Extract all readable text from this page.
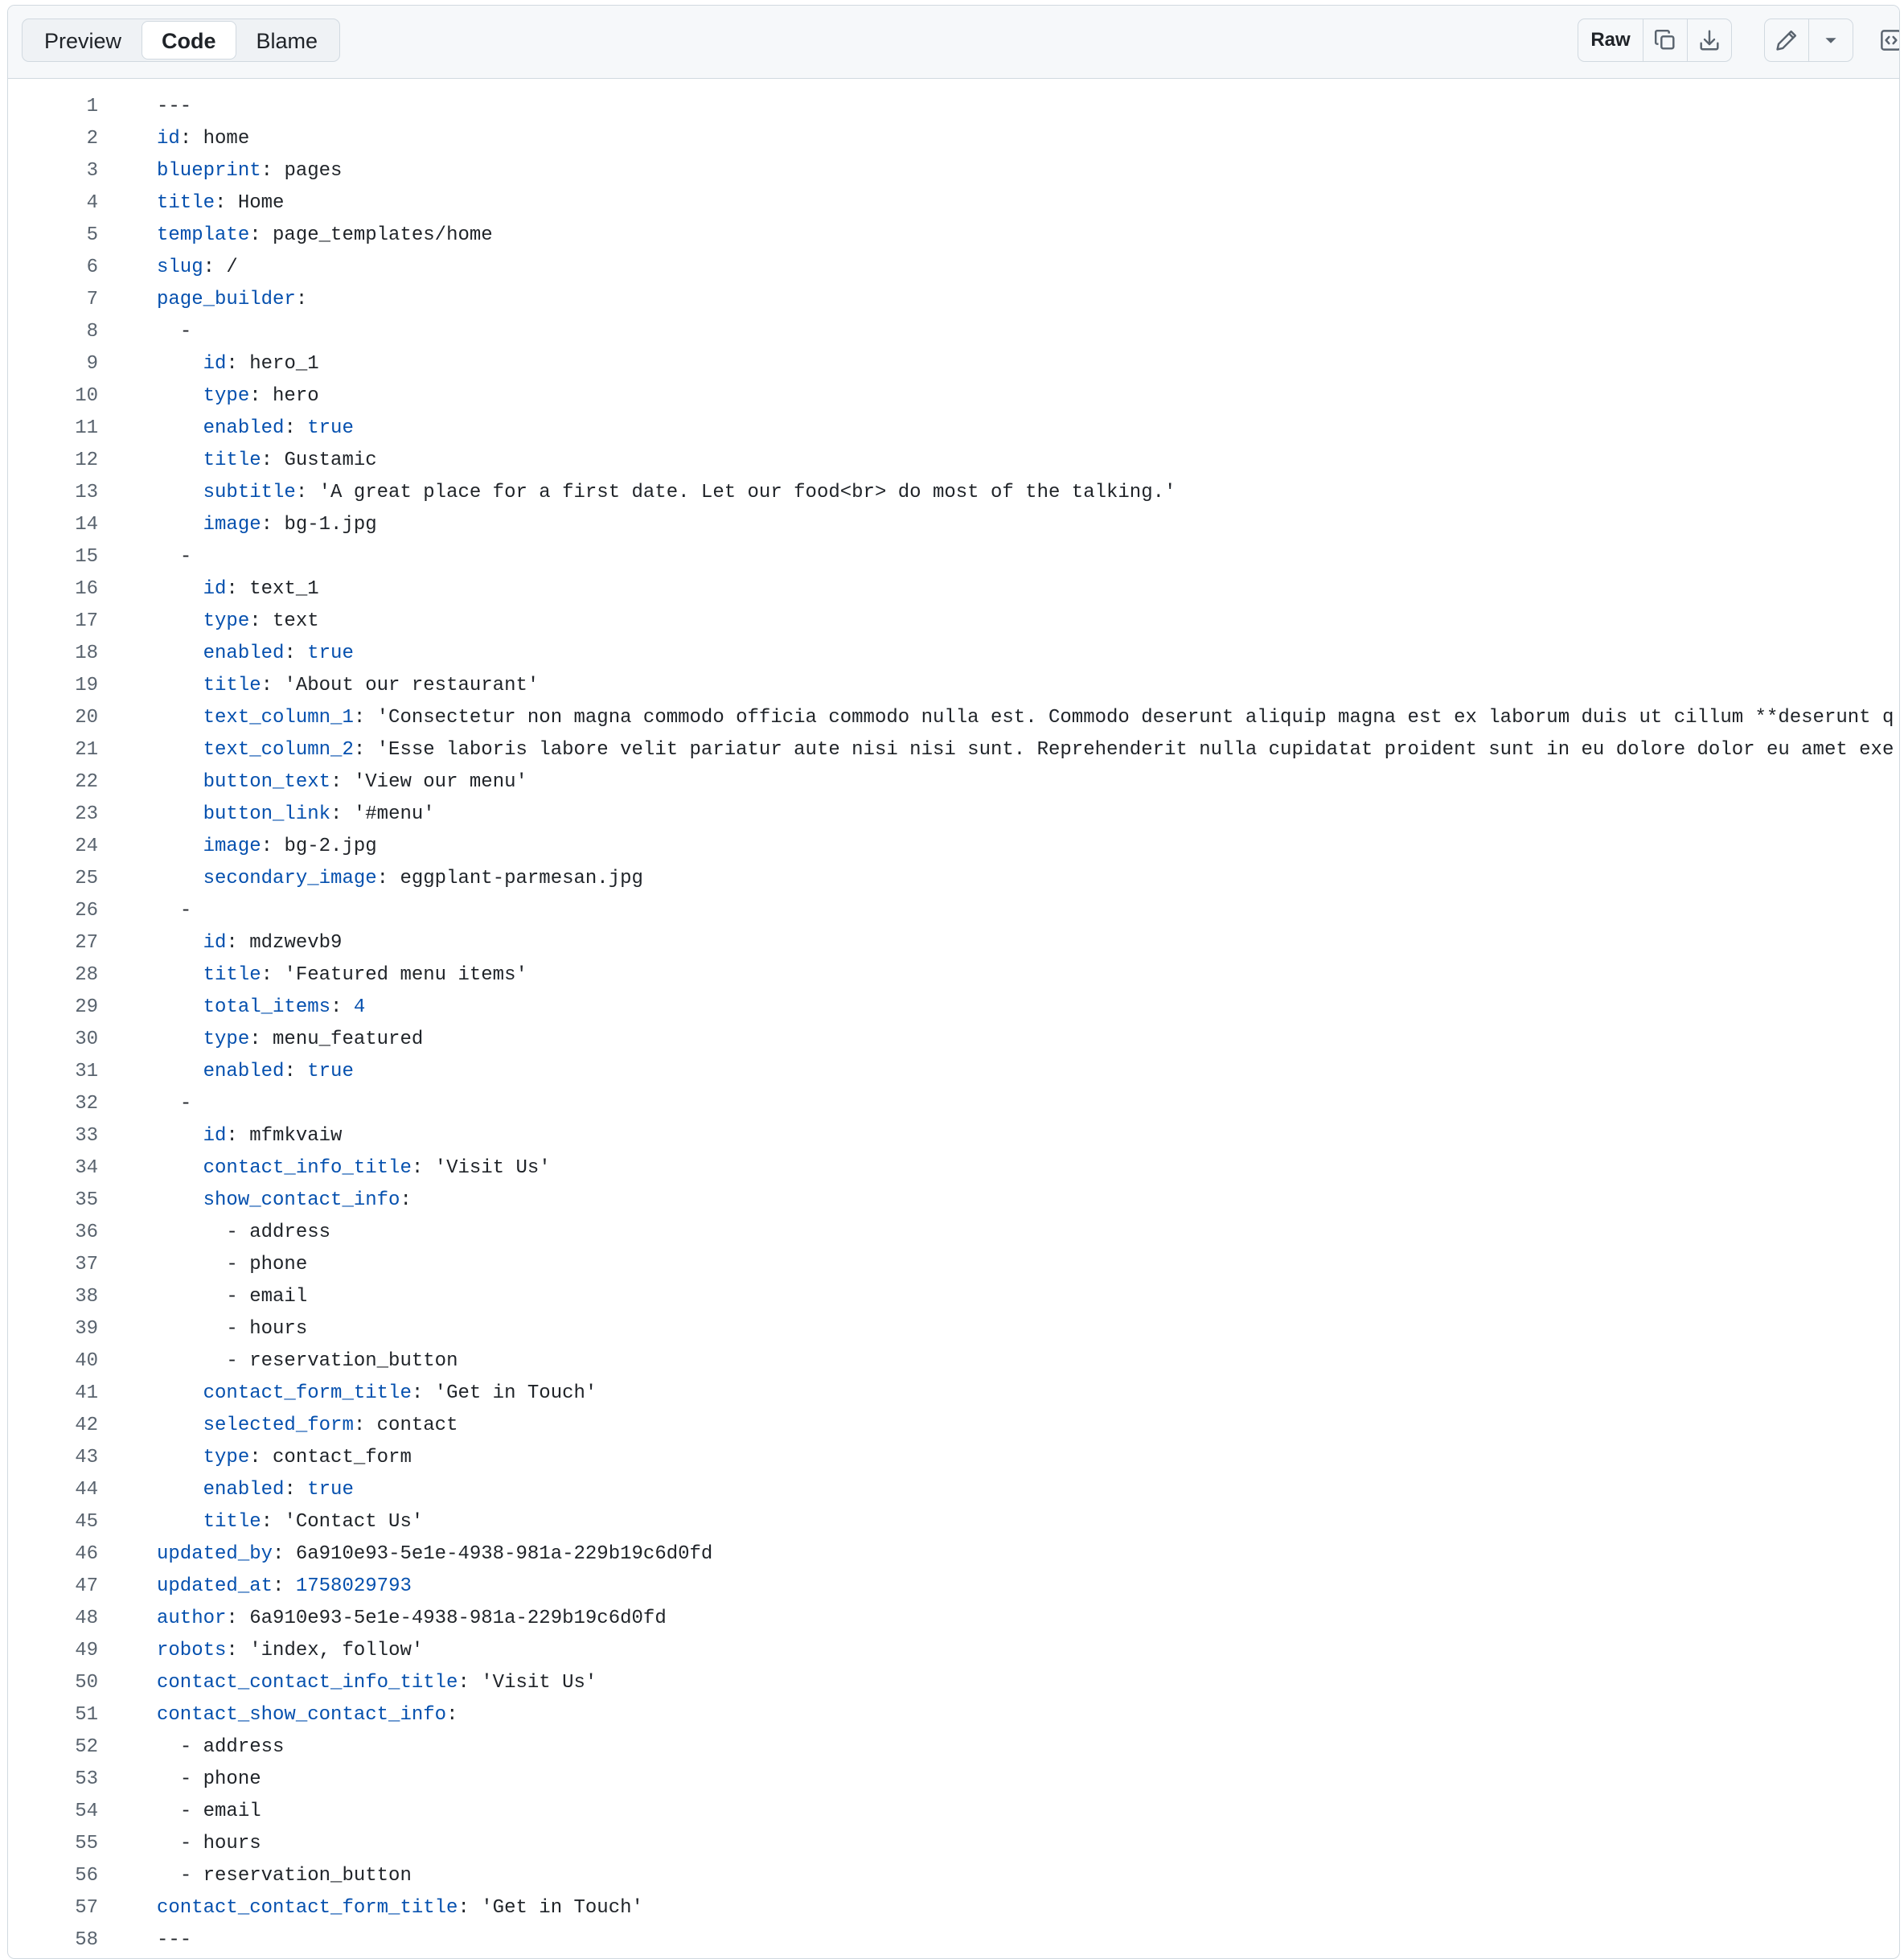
Preview	Code	Blame	Raw
1	---
2	id: home
3	blueprint: pages
4	title: Home
5	template: page_templates/home
6	slug: /
7	page_builder:
8	-
9	id: hero_1
10	type: hero
11	enabled: true
12	title: Gustamic
13	subtitle: 'A great place for a first date. Let our food<br> do most of the talking.'
14	image: bg-1.jpg
15	-
16	id: text_1
17	type: text
18	enabled: true
19	title: 'About our restaurant'
20	text_column_1: 'Consectetur non magna commodo officia commodo nulla est. Commodo deserunt aliquip magna est ex laborum duis ut cillum **deserunt q
21	text_column_2: 'Esse laboris labore velit pariatur aute nisi nisi sunt. Reprehenderit nulla cupidatat proident sunt in eu dolore dolor eu amet exe
22	button_text: 'View our menu'
23	button_link: '#menu'
24	image: bg-2.jpg
25	secondary_image: eggplant-parmesan.jpg
26	-
27	id: mdzwevb9
28	title: 'Featured menu items'
29	total_items: 4
30	type: menu_featured
31	enabled: true
32	-
33	id: mfmkvaiw
34	contact_info_title: 'Visit Us'
35	show_contact_info:
36	- address
37	- phone
38	- email
39	- hours
40	- reservation_button
41	contact_form_title: 'Get in Touch'
42	selected_form: contact
43	type: contact_form
44	enabled: true
45	title: 'Contact Us'
46	updated_by: 6a910e93-5e1e-4938-981a-229b19c6d0fd
47	updated_at: 1758029793
48	author: 6a910e93-5e1e-4938-981a-229b19c6d0fd
49	robots: 'index, follow'
50	contact_contact_info_title: 'Visit Us'
51	contact_show_contact_info:
52	- address
53	- phone
54	- email
55	- hours
56	- reservation_button
57	contact_contact_form_title: 'Get in Touch'
58	---
